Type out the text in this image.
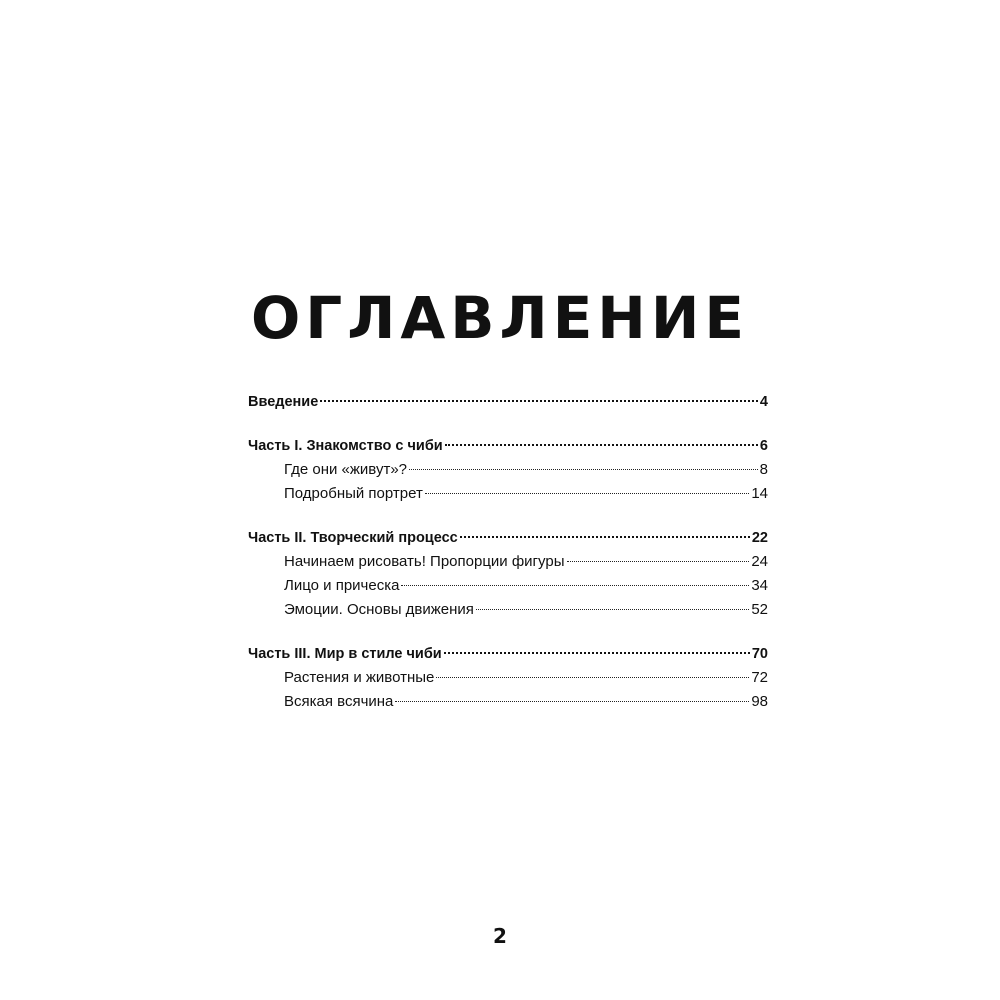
ОГЛАВЛЕНИЕ
Введение	4
Часть I. Знакомство с чиби	6
Где они «живут»?	8
Подробный портрет	14
Часть II. Творческий процесс	22
Начинаем рисовать! Пропорции фигуры	24
Лицо и прическа	34
Эмоции. Основы движения	52
Часть III. Мир в стиле чиби	70
Растения и животные	72
Всякая всячина	98
2
